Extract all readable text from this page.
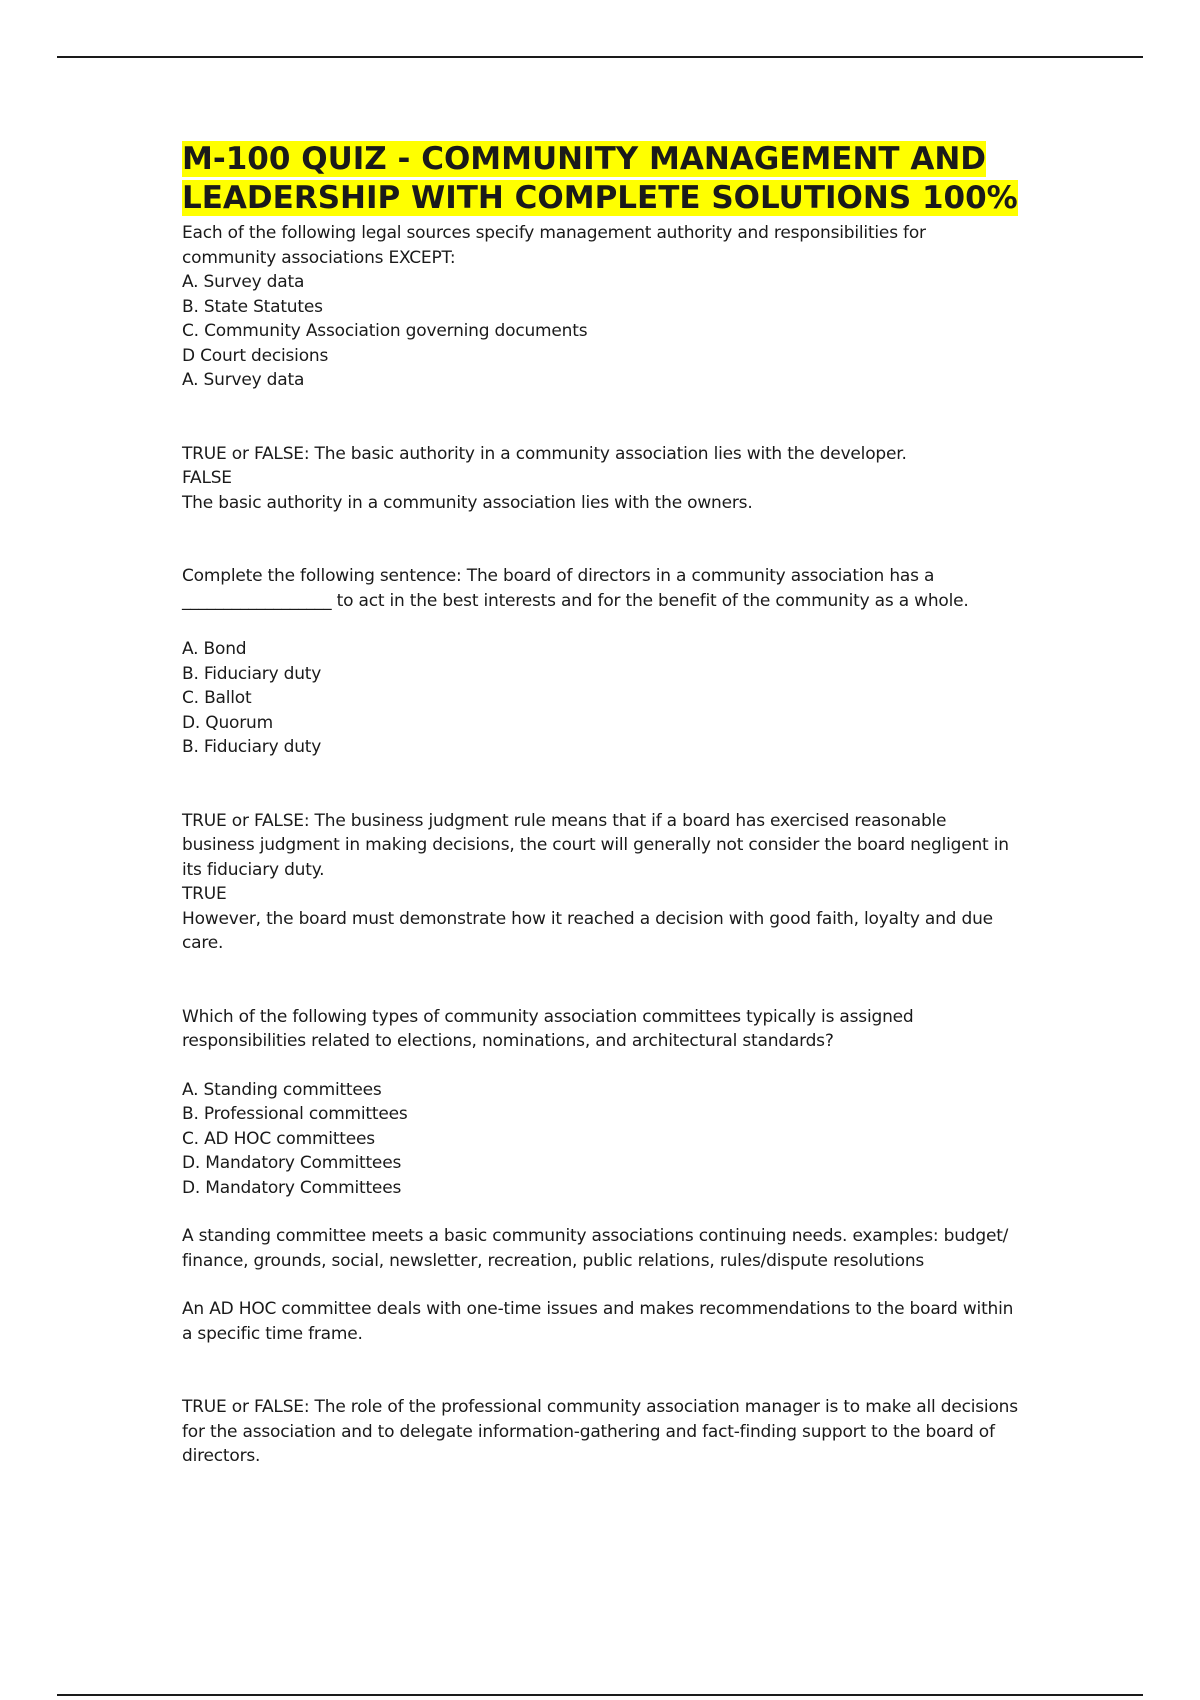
M-100 QUIZ - COMMUNITY MANAGEMENT AND LEADERSHIP WITH COMPLETE SOLUTIONS 100%

Each of the following legal sources specify management authority and responsibilities for community associations EXCEPT:

A. Survey data

B. State Statutes

C. Community Association governing documents

D Court decisions

A. Survey data

TRUE or FALSE: The basic authority in a community association lies with the developer.

FALSE

The basic authority in a community association lies with the owners.

Complete the following sentence: The board of directors in a community association has a __________________ to act in the best interests and for the benefit of the community as a whole.

A. Bond

B. Fiduciary duty

C. Ballot

D. Quorum

B. Fiduciary duty

TRUE or FALSE: The business judgment rule means that if a board has exercised reasonable business judgment in making decisions, the court will generally not consider the board negligent in its fiduciary duty.

TRUE

However, the board must demonstrate how it reached a decision with good faith, loyalty and due care.

Which of the following types of community association committees typically is assigned responsibilities related to elections, nominations, and architectural standards?

A. Standing committees

B. Professional committees

C. AD HOC committees

D. Mandatory Committees

D. Mandatory Committees

A standing committee meets a basic community associations continuing needs. examples: budget/ finance, grounds, social, newsletter, recreation, public relations, rules/dispute resolutions

An AD HOC committee deals with one-time issues and makes recommendations to the board within a specific time frame.

TRUE or FALSE: The role of the professional community association manager is to make all decisions for the association and to delegate information-gathering and fact-finding support to the board of directors.
